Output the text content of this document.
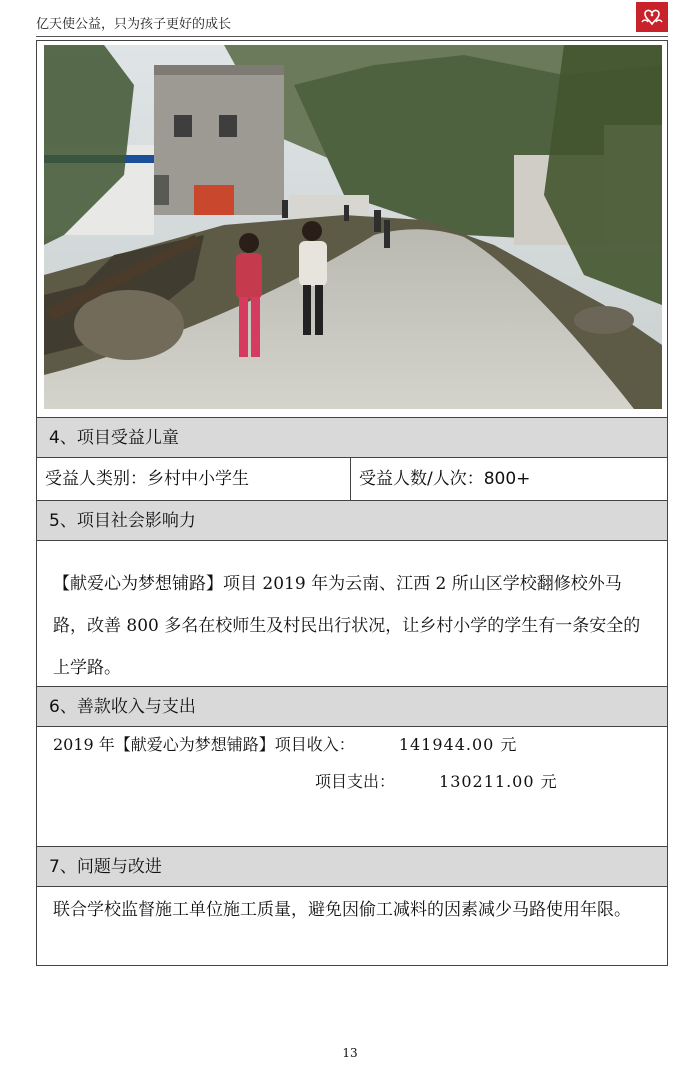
亿天使公益，只为孩子更好的成长
4、项目受益儿童
受益人类别：乡村中小学生	受益人数/人次：800+
5、项目社会影响力

【献爱心为梦想铺路】项目 2019 年为云南、江西 2 所山区学校翻修校外马路，改善 800 多名在校师生及村民出行状况，让乡村小学的学生有一条安全的上学路。

6、善款收入与支出
2019 年【献爱心为梦想铺路】项目收入：	141944.00 元
项目支出：	130211.00 元
7、问题与改进
联合学校监督施工单位施工质量，避免因偷工减料的因素减少马路使用年限。
13
